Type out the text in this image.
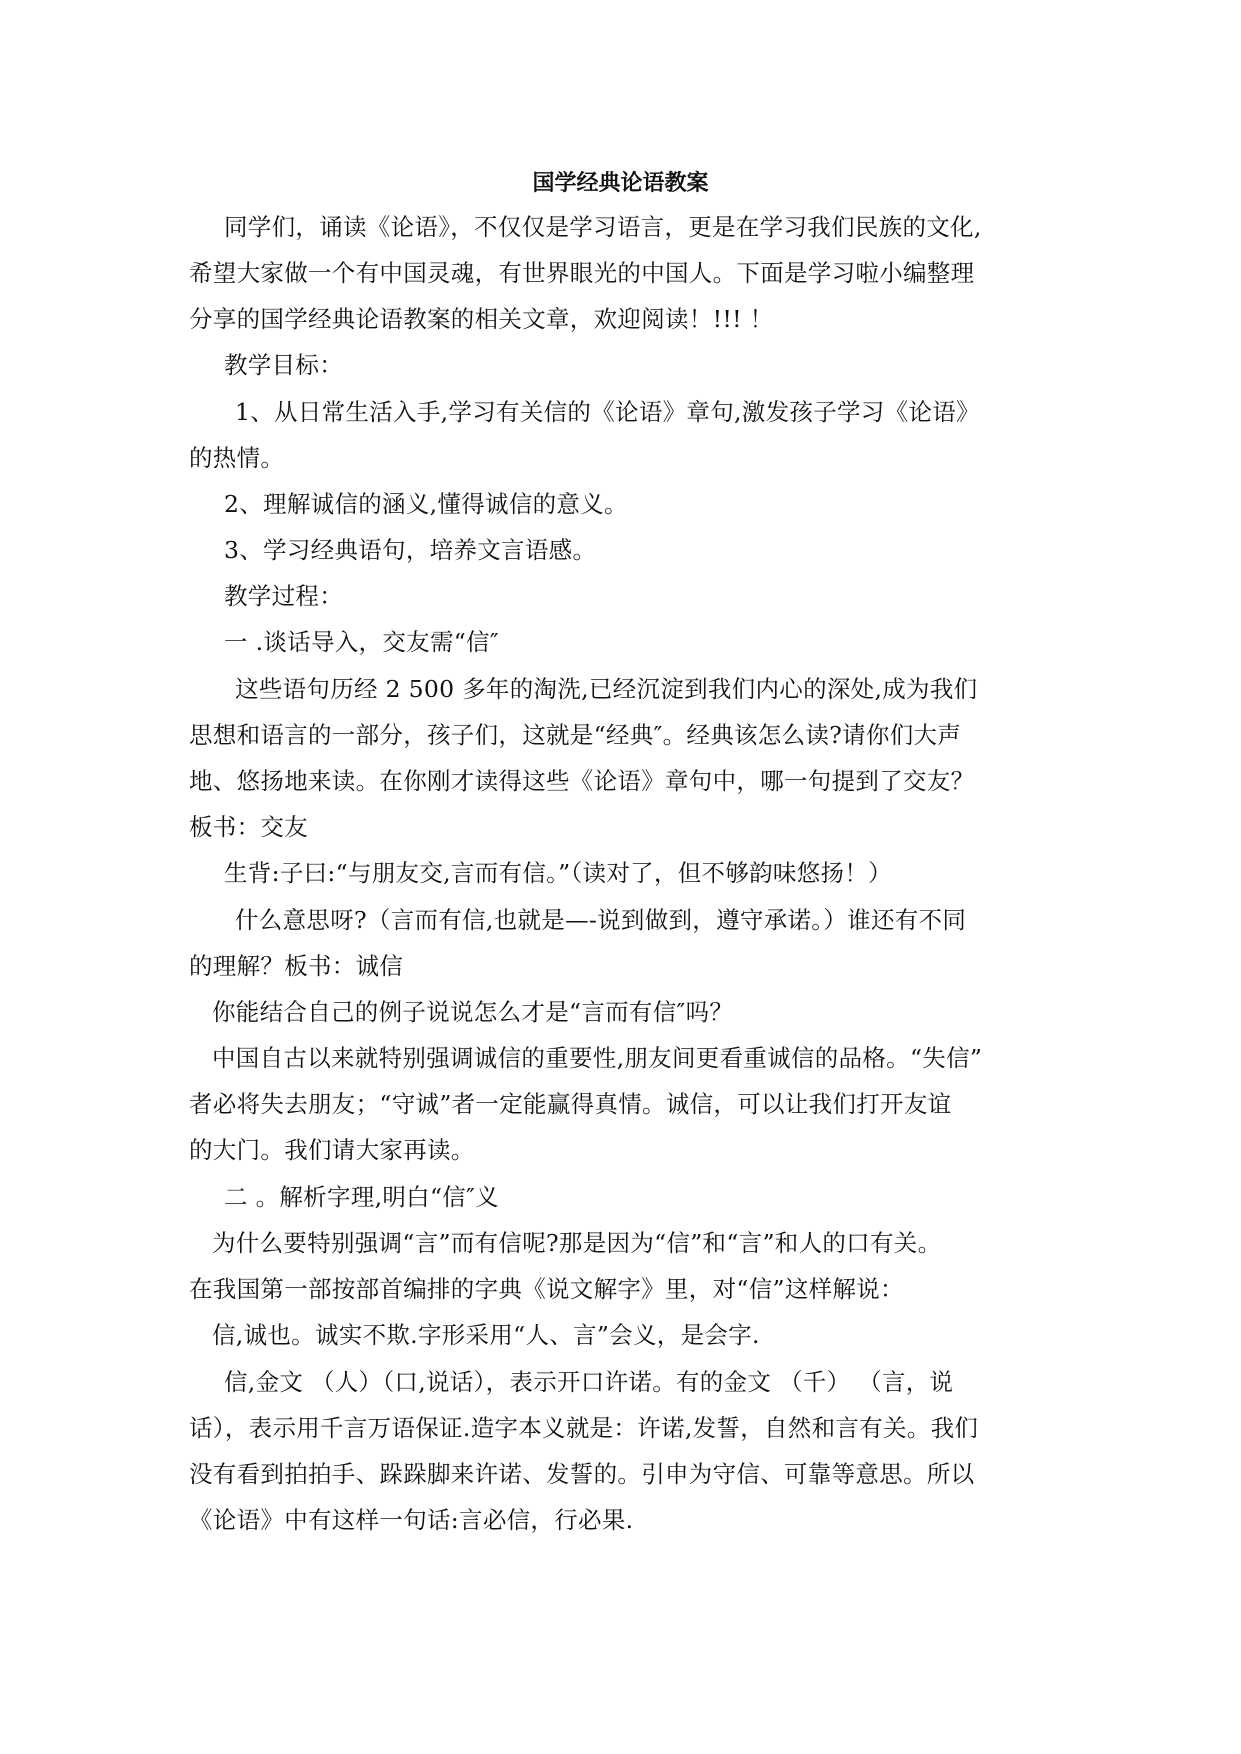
国学经典论语教案
同学们，诵读《论语》，不仅仅是学习语言，更是在学习我们民族的文化,
希望大家做一个有中国灵魂，有世界眼光的中国人。下面是学习啦小编整理
分享的国学经典论语教案的相关文章，欢迎阅读！!!! ！
教学目标：
1、从日常生活入手,学习有关信的《论语》章句,激发孩子学习《论语》
的热情。
2、理解诚信的涵义,懂得诚信的意义。
3、学习经典语句，培养文言语感。
教学过程：
一 .谈话导入，交友需“信″
这些语句历经 2 500 多年的淘洗,已经沉淀到我们内心的深处,成为我们
思想和语言的一部分，孩子们，这就是“经典″。经典该怎么读?请你们大声
地、悠扬地来读。在你刚才读得这些《论语》章句中，哪一句提到了交友？
板书：交友
生背:子曰:“与朋友交,言而有信。”（读对了，但不够韵味悠扬！）
什么意思呀?（言而有信,也就是—-说到做到，遵守承诺。）谁还有不同
的理解？板书：诚信
你能结合自己的例子说说怎么才是“言而有信″吗？
中国自古以来就特别强调诚信的重要性,朋友间更看重诚信的品格。“失信”
者必将失去朋友；“守诚”者一定能赢得真情。诚信，可以让我们打开友谊
的大门。我们请大家再读。
二 。解析字理,明白“信″义
为什么要特别强调“言”而有信呢?那是因为“信”和“言”和人的口有关。
在我国第一部按部首编排的字典《说文解字》里，对“信”这样解说：
信,诚也。诚实不欺.字形采用“人、言”会义，是会字.
信,金文 （人）（口,说话），表示开口许诺。有的金文 （千） （言，说
话），表示用千言万语保证.造字本义就是：许诺,发誓，自然和言有关。我们
没有看到拍拍手、跺跺脚来许诺、发誓的。引申为守信、可靠等意思。所以
《论语》中有这样一句话:言必信，行必果.
